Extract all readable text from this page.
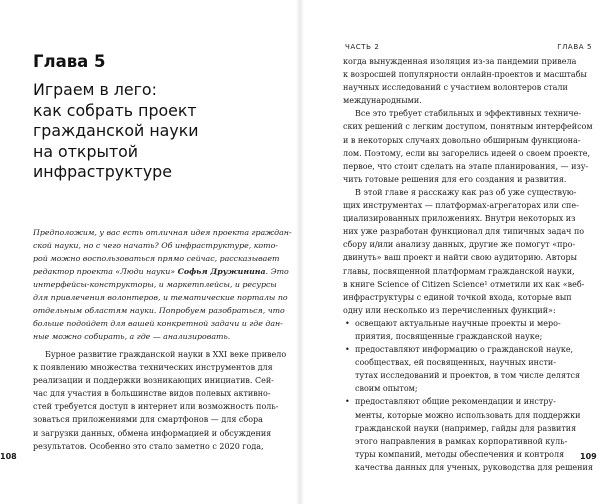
Глава 5
Играем в лего:
как собрать проект
гражданской науки
на открытой
инфраструктуре
Предположим, у вас есть отличная идея проекта граждан-
ской науки, но с чего начать? Об инфраструктуре, кото-
рой можно воспользоваться прямо сейчас, рассказывает
редактор проекта «Люди науки» Софья Дружинина. Это
интерфейсы-конструкторы, и маркетплейсы, и ресурсы
для привлечения волонтеров, и тематические порталы по
отдельным областям науки. Попробуем разобраться, что
больше подойдет для вашей конкретной задачи и где дан-
ные можно собирать, а где — анализировать.
Бурное развитие гражданской науки в XXI веке привело
к появлению множества технических инструментов для
реализации и поддержки возникающих инициатив. Сей-
час для участия в большинстве видов полевых активно-
стей требуется доступ в интернет или возможность поль-
зоваться приложениями для смартфонов — для сбора
и загрузки данных, обмена информацией и обсуждения
результатов. Особенно это стало заметно с 2020 года,
108
ЧАСТЬ 2	ГЛАВА 5
когда вынужденная изоляция из-за пандемии привела
к возросшей популярности онлайн-проектов и масштабы
научных исследований с участием волонтеров стали
международными.
Все это требует стабильных и эффективных техниче-
ских решений с легким доступом, понятным интерфейсом
и в некоторых случаях довольно обширным функциона-
лом. Поэтому, если вы загорелись идеей о своем проекте,
первое, что стоит сделать на этапе планирования, — изу-
чить готовые решения для его создания и развития.
В этой главе я расскажу как раз об уже существую-
щих инструментах — платформах-агрегаторах или спе-
циализированных приложениях. Внутри некоторых из
них уже разработан функционал для типичных задач по
сбору и/или анализу данных, другие же помогут «про-
двинуть» ваш проект и найти свою аудиторию. Авторы
главы, посвященной платформам гражданской науки,
в книге Science of Citizen Science¹ отметили их как «веб-
инфраструктуры с единой точкой входа, которые вып
одну или несколько из перечисленных функций»:
• освещают актуальные научные проекты и меро-
приятия, посвященные гражданской науке;
• предоставляют информацию о гражданской науке,
сообществах, ей посвященных, научных инсти-
тутах исследований и проектов, в том числе делятся
своим опытом;
• предоставляют общие рекомендации и инстру-
менты, которые можно использовать для поддержки
гражданской науки (например, гайды для развития
этого направления в рамках корпоративной куль-
туры компаний, методы обеспечения и контроля
качества данных для ученых, руководства для решения
109
